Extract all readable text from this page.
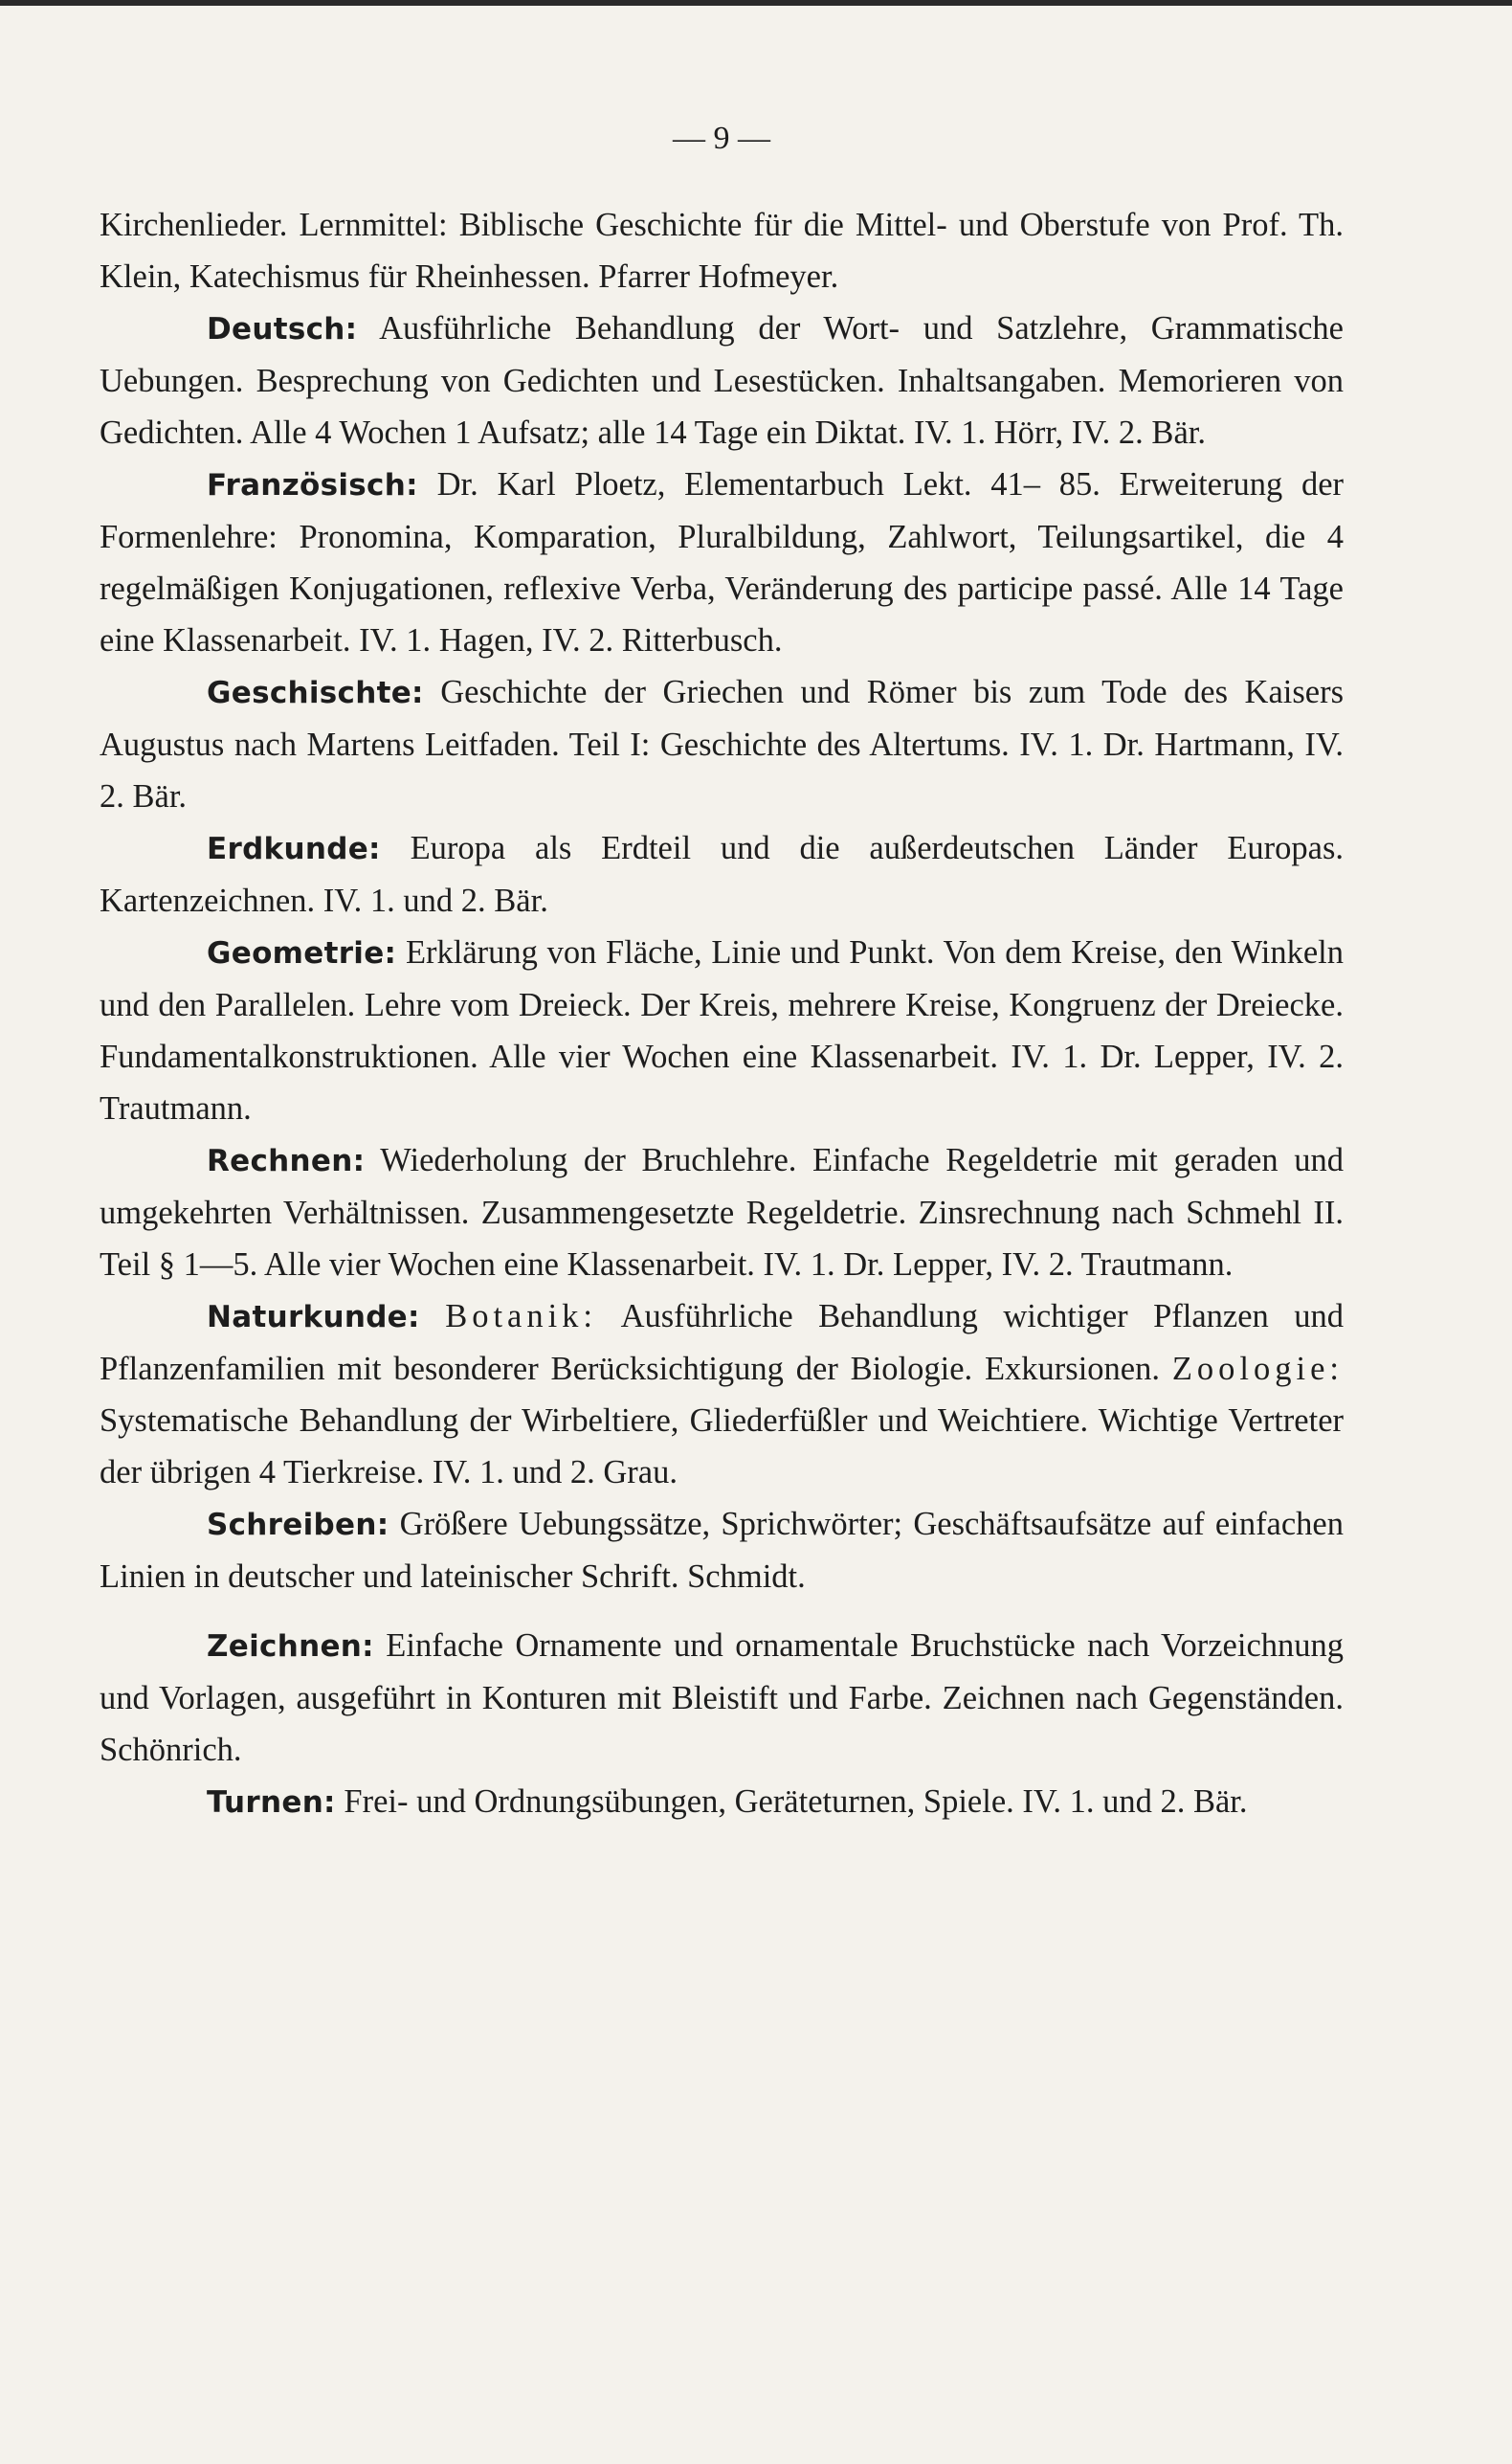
— 9 —

Kirchenlieder. Lernmittel: Biblische Geschichte für die Mittel- und Oberstufe von Prof. Th. Klein, Katechismus für Rheinhessen. Pfarrer Hofmeyer.

Deutsch: Ausführliche Behandlung der Wort- und Satzlehre, Grammatische Uebungen. Besprechung von Gedichten und Lesestücken. Inhaltsangaben. Memorieren von Gedichten. Alle 4 Wochen 1 Aufsatz; alle 14 Tage ein Diktat. IV. 1. Hörr, IV. 2. Bär.

Französisch: Dr. Karl Ploetz, Elementarbuch Lekt. 41– 85. Erweiterung der Formenlehre: Pronomina, Komparation, Pluralbildung, Zahlwort, Teilungsartikel, die 4 regelmäßigen Konjugationen, reflexive Verba, Veränderung des participe passé. Alle 14 Tage eine Klassenarbeit. IV. 1. Hagen, IV. 2. Ritterbusch.

Geschischte: Geschichte der Griechen und Römer bis zum Tode des Kaisers Augustus nach Martens Leitfaden. Teil I: Geschichte des Altertums. IV. 1. Dr. Hartmann, IV. 2. Bär.

Erdkunde: Europa als Erdteil und die außerdeutschen Länder Europas. Kartenzeichnen. IV. 1. und 2. Bär.

Geometrie: Erklärung von Fläche, Linie und Punkt. Von dem Kreise, den Winkeln und den Parallelen. Lehre vom Dreieck. Der Kreis, mehrere Kreise, Kongruenz der Dreiecke. Fundamentalkonstruktionen. Alle vier Wochen eine Klassenarbeit. IV. 1. Dr. Lepper, IV. 2. Trautmann.

Rechnen: Wiederholung der Bruchlehre. Einfache Regeldetrie mit geraden und umgekehrten Verhältnissen. Zusammengesetzte Regeldetrie. Zinsrechnung nach Schmehl II. Teil § 1—5. Alle vier Wochen eine Klassenarbeit. IV. 1. Dr. Lepper, IV. 2. Trautmann.

Naturkunde: Botanik: Ausführliche Behandlung wichtiger Pflanzen und Pflanzenfamilien mit besonderer Berücksichtigung der Biologie. Exkursionen. Zoologie: Systematische Behandlung der Wirbeltiere, Gliederfüßler und Weichtiere. Wichtige Vertreter der übrigen 4 Tierkreise. IV. 1. und 2. Grau.

Schreiben: Größere Uebungssätze, Sprichwörter; Geschäftsaufsätze auf einfachen Linien in deutscher und lateinischer Schrift. Schmidt.

Zeichnen: Einfache Ornamente und ornamentale Bruchstücke nach Vorzeichnung und Vorlagen, ausgeführt in Konturen mit Bleistift und Farbe. Zeichnen nach Gegenständen. Schönrich.

Turnen: Frei- und Ordnungsübungen, Geräteturnen, Spiele. IV. 1. und 2. Bär.
